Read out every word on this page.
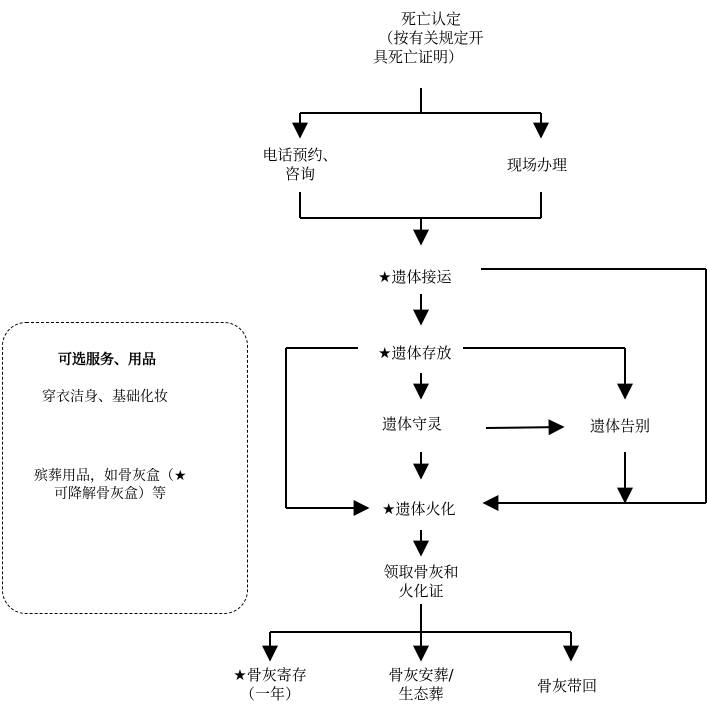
死亡认定
（按有关规定开
具死亡证明）
电话预约、
咨询	现场办理
★遗体接运
★遗体存放
遗体守灵	遗体告别
★遗体火化
领取骨灰和
火化证
★骨灰寄存
（一年）
骨灰安葬/
生态葬	骨灰带回
可选服务、用品
穿衣洁身、基础化妆
殡葬用品，如骨灰盒（★
可降解骨灰盒）等
